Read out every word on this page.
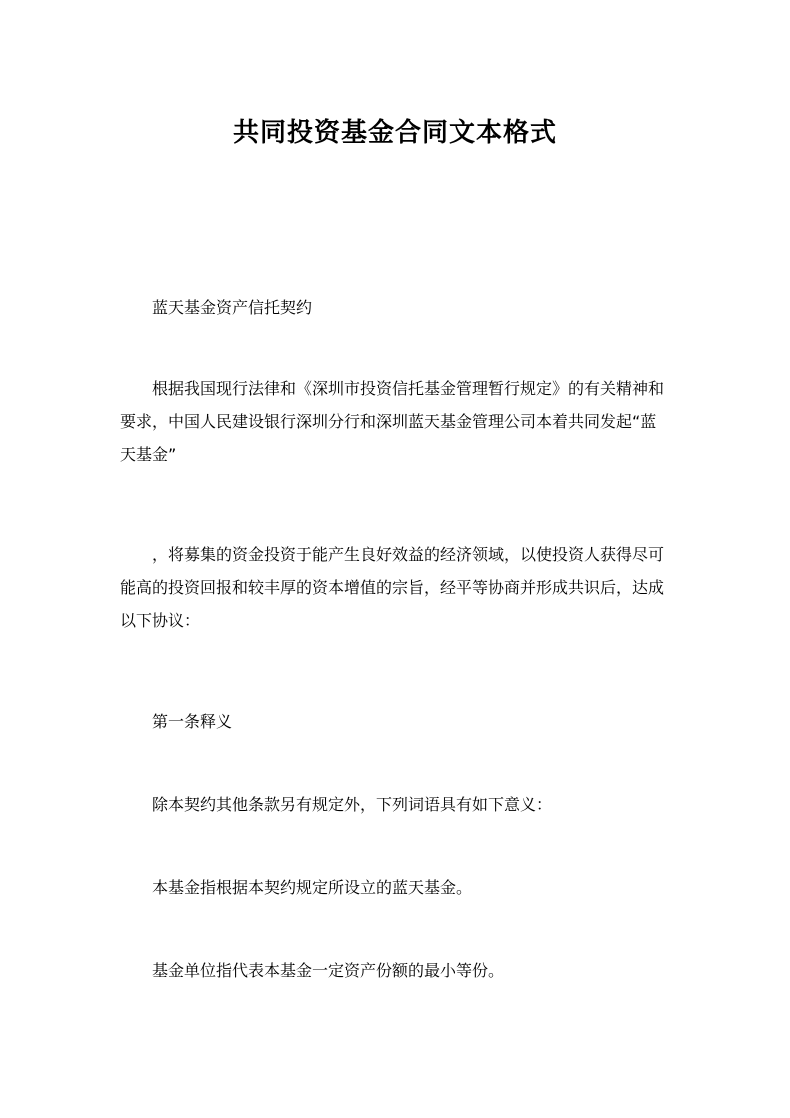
共同投资基金合同文本格式

蓝天基金资产信托契约

根据我国现行法律和《深圳市投资信托基金管理暂行规定》的有关精神和要求，中国人民建设银行深圳分行和深圳蓝天基金管理公司本着共同发起“蓝天基金”

，将募集的资金投资于能产生良好效益的经济领域，以使投资人获得尽可能高的投资回报和较丰厚的资本增值的宗旨，经平等协商并形成共识后，达成以下协议：

第一条释义

除本契约其他条款另有规定外，下列词语具有如下意义：

本基金指根据本契约规定所设立的蓝天基金。

基金单位指代表本基金一定资产份额的最小等份。
